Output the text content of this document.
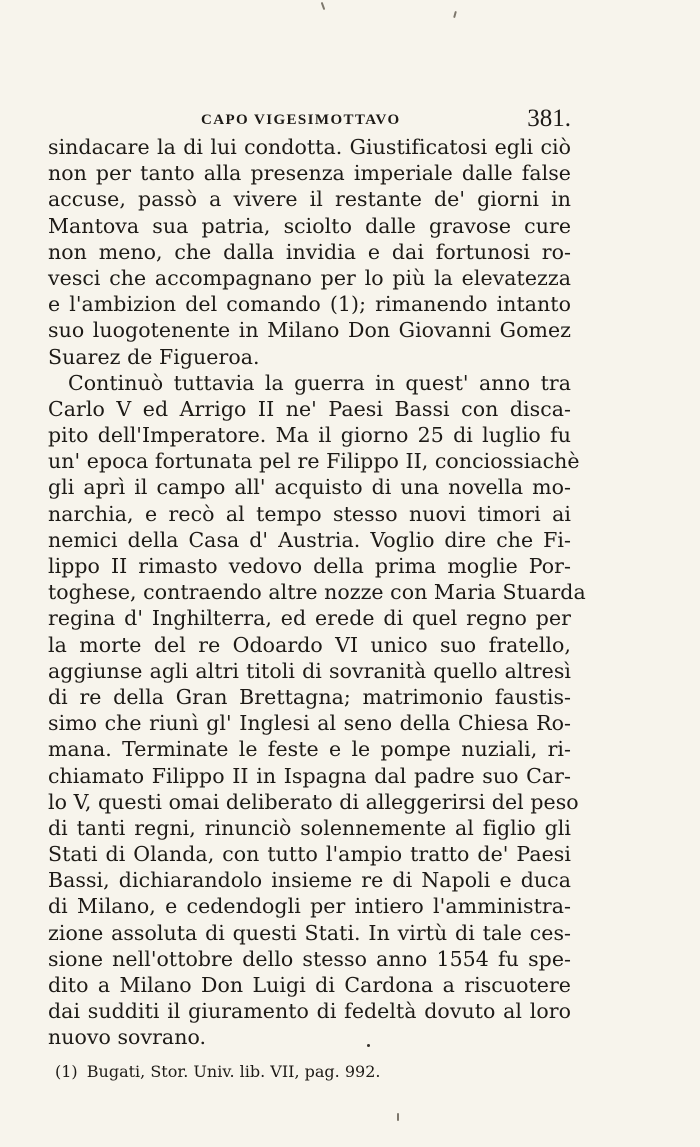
CAPO VIGESIMOTTAVO	381.
sindacare la di lui condotta. Giustificatosi egli ciò
non per tanto alla presenza imperiale dalle false
accuse, passò a vivere il restante de' giorni in
Mantova sua patria, sciolto dalle gravose cure
non meno, che dalla invidia e dai fortunosi ro-
vesci che accompagnano per lo più la elevatezza
e l'ambizion del comando (1); rimanendo intanto
suo luogotenente in Milano Don Giovanni Gomez
Suarez de Figueroa.
Continuò tuttavia la guerra in quest' anno tra
Carlo V ed Arrigo II ne' Paesi Bassi con disca-
pito dell'Imperatore. Ma il giorno 25 di luglio fu
un' epoca fortunata pel re Filippo II, conciossiachè
gli aprì il campo all' acquisto di una novella mo-
narchia, e recò al tempo stesso nuovi timori ai
nemici della Casa d' Austria. Voglio dire che Fi-
lippo II rimasto vedovo della prima moglie Por-
toghese, contraendo altre nozze con Maria Stuarda
regina d' Inghilterra, ed erede di quel regno per
la morte del re Odoardo VI unico suo fratello,
aggiunse agli altri titoli di sovranità quello altresì
di re della Gran Brettagna; matrimonio faustis-
simo che riunì gl' Inglesi al seno della Chiesa Ro-
mana. Terminate le feste e le pompe nuziali, ri-
chiamato Filippo II in Ispagna dal padre suo Car-
lo V, questi omai deliberato di alleggerirsi del peso
di tanti regni, rinunciò solennemente al figlio gli
Stati di Olanda, con tutto l'ampio tratto de' Paesi
Bassi, dichiarandolo insieme re di Napoli e duca
di Milano, e cedendogli per intiero l'amministra-
zione assoluta di questi Stati. In virtù di tale ces-
sione nell'ottobre dello stesso anno 1554 fu spe-
dito a Milano Don Luigi di Cardona a riscuotere
dai sudditi il giuramento di fedeltà dovuto al loro
nuovo sovrano.
(1) Bugati, Stor. Univ. lib. VII, pag. 992.
